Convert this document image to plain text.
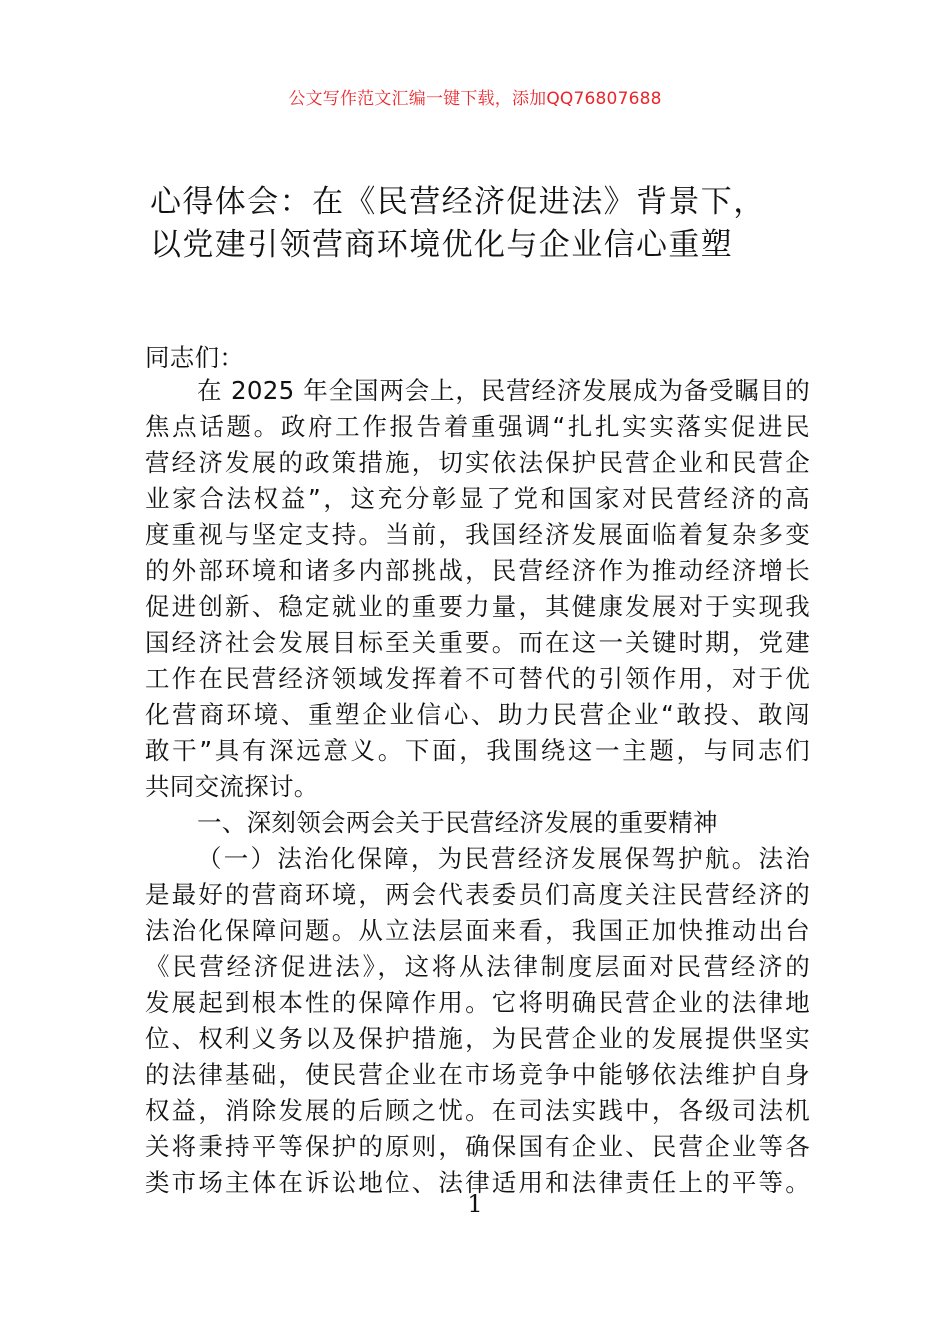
公文写作范文汇编一键下载，添加QQ76807688
心得体会：在《民营经济促进法》背景下，
以党建引领营商环境优化与企业信心重塑
同志们：
在 2025 年全国两会上，民营经济发展成为备受瞩目的
焦点话题。政府工作报告着重强调“扎扎实实落实促进民
营经济发展的政策措施，切实依法保护民营企业和民营企
业家合法权益”，这充分彰显了党和国家对民营经济的高
度重视与坚定支持。当前，我国经济发展面临着复杂多变
的外部环境和诸多内部挑战，民营经济作为推动经济增长
促进创新、稳定就业的重要力量，其健康发展对于实现我
国经济社会发展目标至关重要。而在这一关键时期，党建
工作在民营经济领域发挥着不可替代的引领作用，对于优
化营商环境、重塑企业信心、助力民营企业“敢投、敢闯
敢干”具有深远意义。下面，我围绕这一主题，与同志们
共同交流探讨。
一、深刻领会两会关于民营经济发展的重要精神
（一）法治化保障，为民营经济发展保驾护航。法治
是最好的营商环境，两会代表委员们高度关注民营经济的
法治化保障问题。从立法层面来看，我国正加快推动出台
《民营经济促进法》，这将从法律制度层面对民营经济的
发展起到根本性的保障作用。它将明确民营企业的法律地
位、权利义务以及保护措施，为民营企业的发展提供坚实
的法律基础，使民营企业在市场竞争中能够依法维护自身
权益，消除发展的后顾之忧。在司法实践中，各级司法机
关将秉持平等保护的原则，确保国有企业、民营企业等各
类市场主体在诉讼地位、法律适用和法律责任上的平等。
1
